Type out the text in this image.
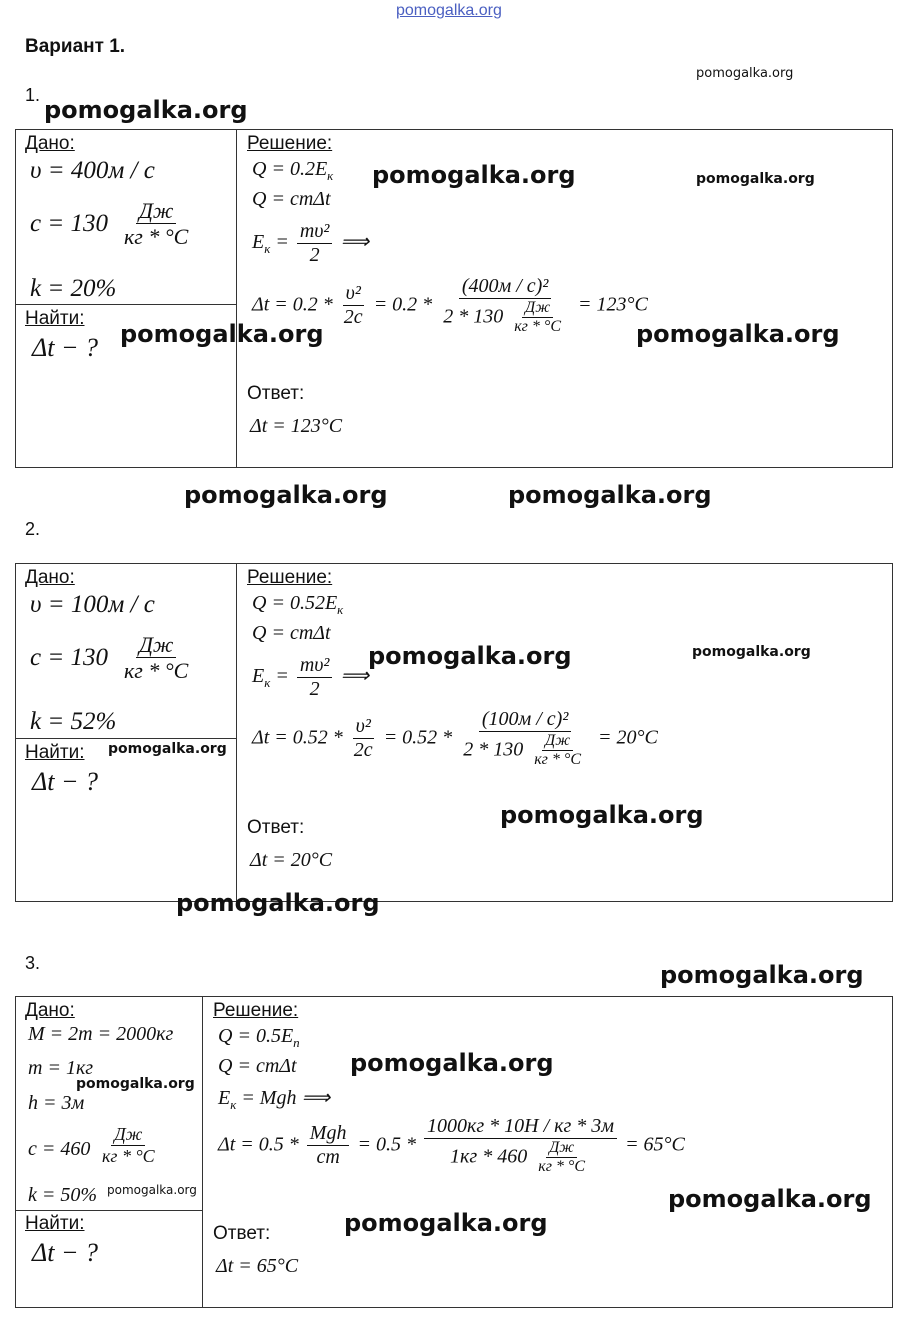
pomogalka.org
Вариант 1.
1.
pomogalka.org
pomogalka.org
Дано:
υ = 400м / с
$c = 130 \frac{Дж}{кг * ^\circ C}$
k = 20%
Найти:
Δt − ? pomogalka.org
Решение:
$Q = 0.2E_к$ pomogalka.org	pomogalka.org
Q = cmΔt
$E_к = \frac{\text{mυ²}}{2}$ ⟹
$\Delta t = 0.2 * \frac{\text{υ²}}{2c} = 0.2 * \frac{\text{(400м / с)²}}{2 * 130 \frac{Дж}{кг * ^\circ C}} = 123^\circ C$
pomogalka.org
Ответ:
Δt = 123°C
pomogalka.org	pomogalka.org
2.
Дано:
υ = 100м / с
$c = 130 \frac{Дж}{кг * ^\circ C}$
k = 52%
Найти: pomogalka.org
Δt − ?
Решение:
$Q = 0.52E_к$
Q = cmΔt
pomogalka.org	pomogalka.org
$E_к = \frac{\text{mυ²}}{2}$ ⟹
$\Delta t = 0.52 * \frac{\text{υ²}}{2c} = 0.52 * \frac{\text{(100м / с)²}}{2 * 130 \frac{Дж}{кг * ^\circ C}} = 20^\circ C$
pomogalka.org
Ответ:
Δt = 20°C
pomogalka.org
3.	pomogalka.org
Дано:
M = 2m = 2000кг
m = 1кг
pomogalka.org
h = 3м
$c = 460 \frac{Дж}{кг * ^\circ C}$
k = 50% pomogalka.org
Найти:
Δt − ?
Решение:
$Q = 0.5E_п$
Q = cmΔt pomogalka.org
$E_к$ = Mgh ⟹
$\Delta t = 0.5 * \frac{\text{Mgh}}{cm} = 0.5 * \frac{1000кг * 10Н / кг * 3м}{1кг * 460 \frac{Дж}{кг * ^\circ C}} = 65^\circ C$
pomogalka.org
pomogalka.org
Ответ:
Δt = 65°C
